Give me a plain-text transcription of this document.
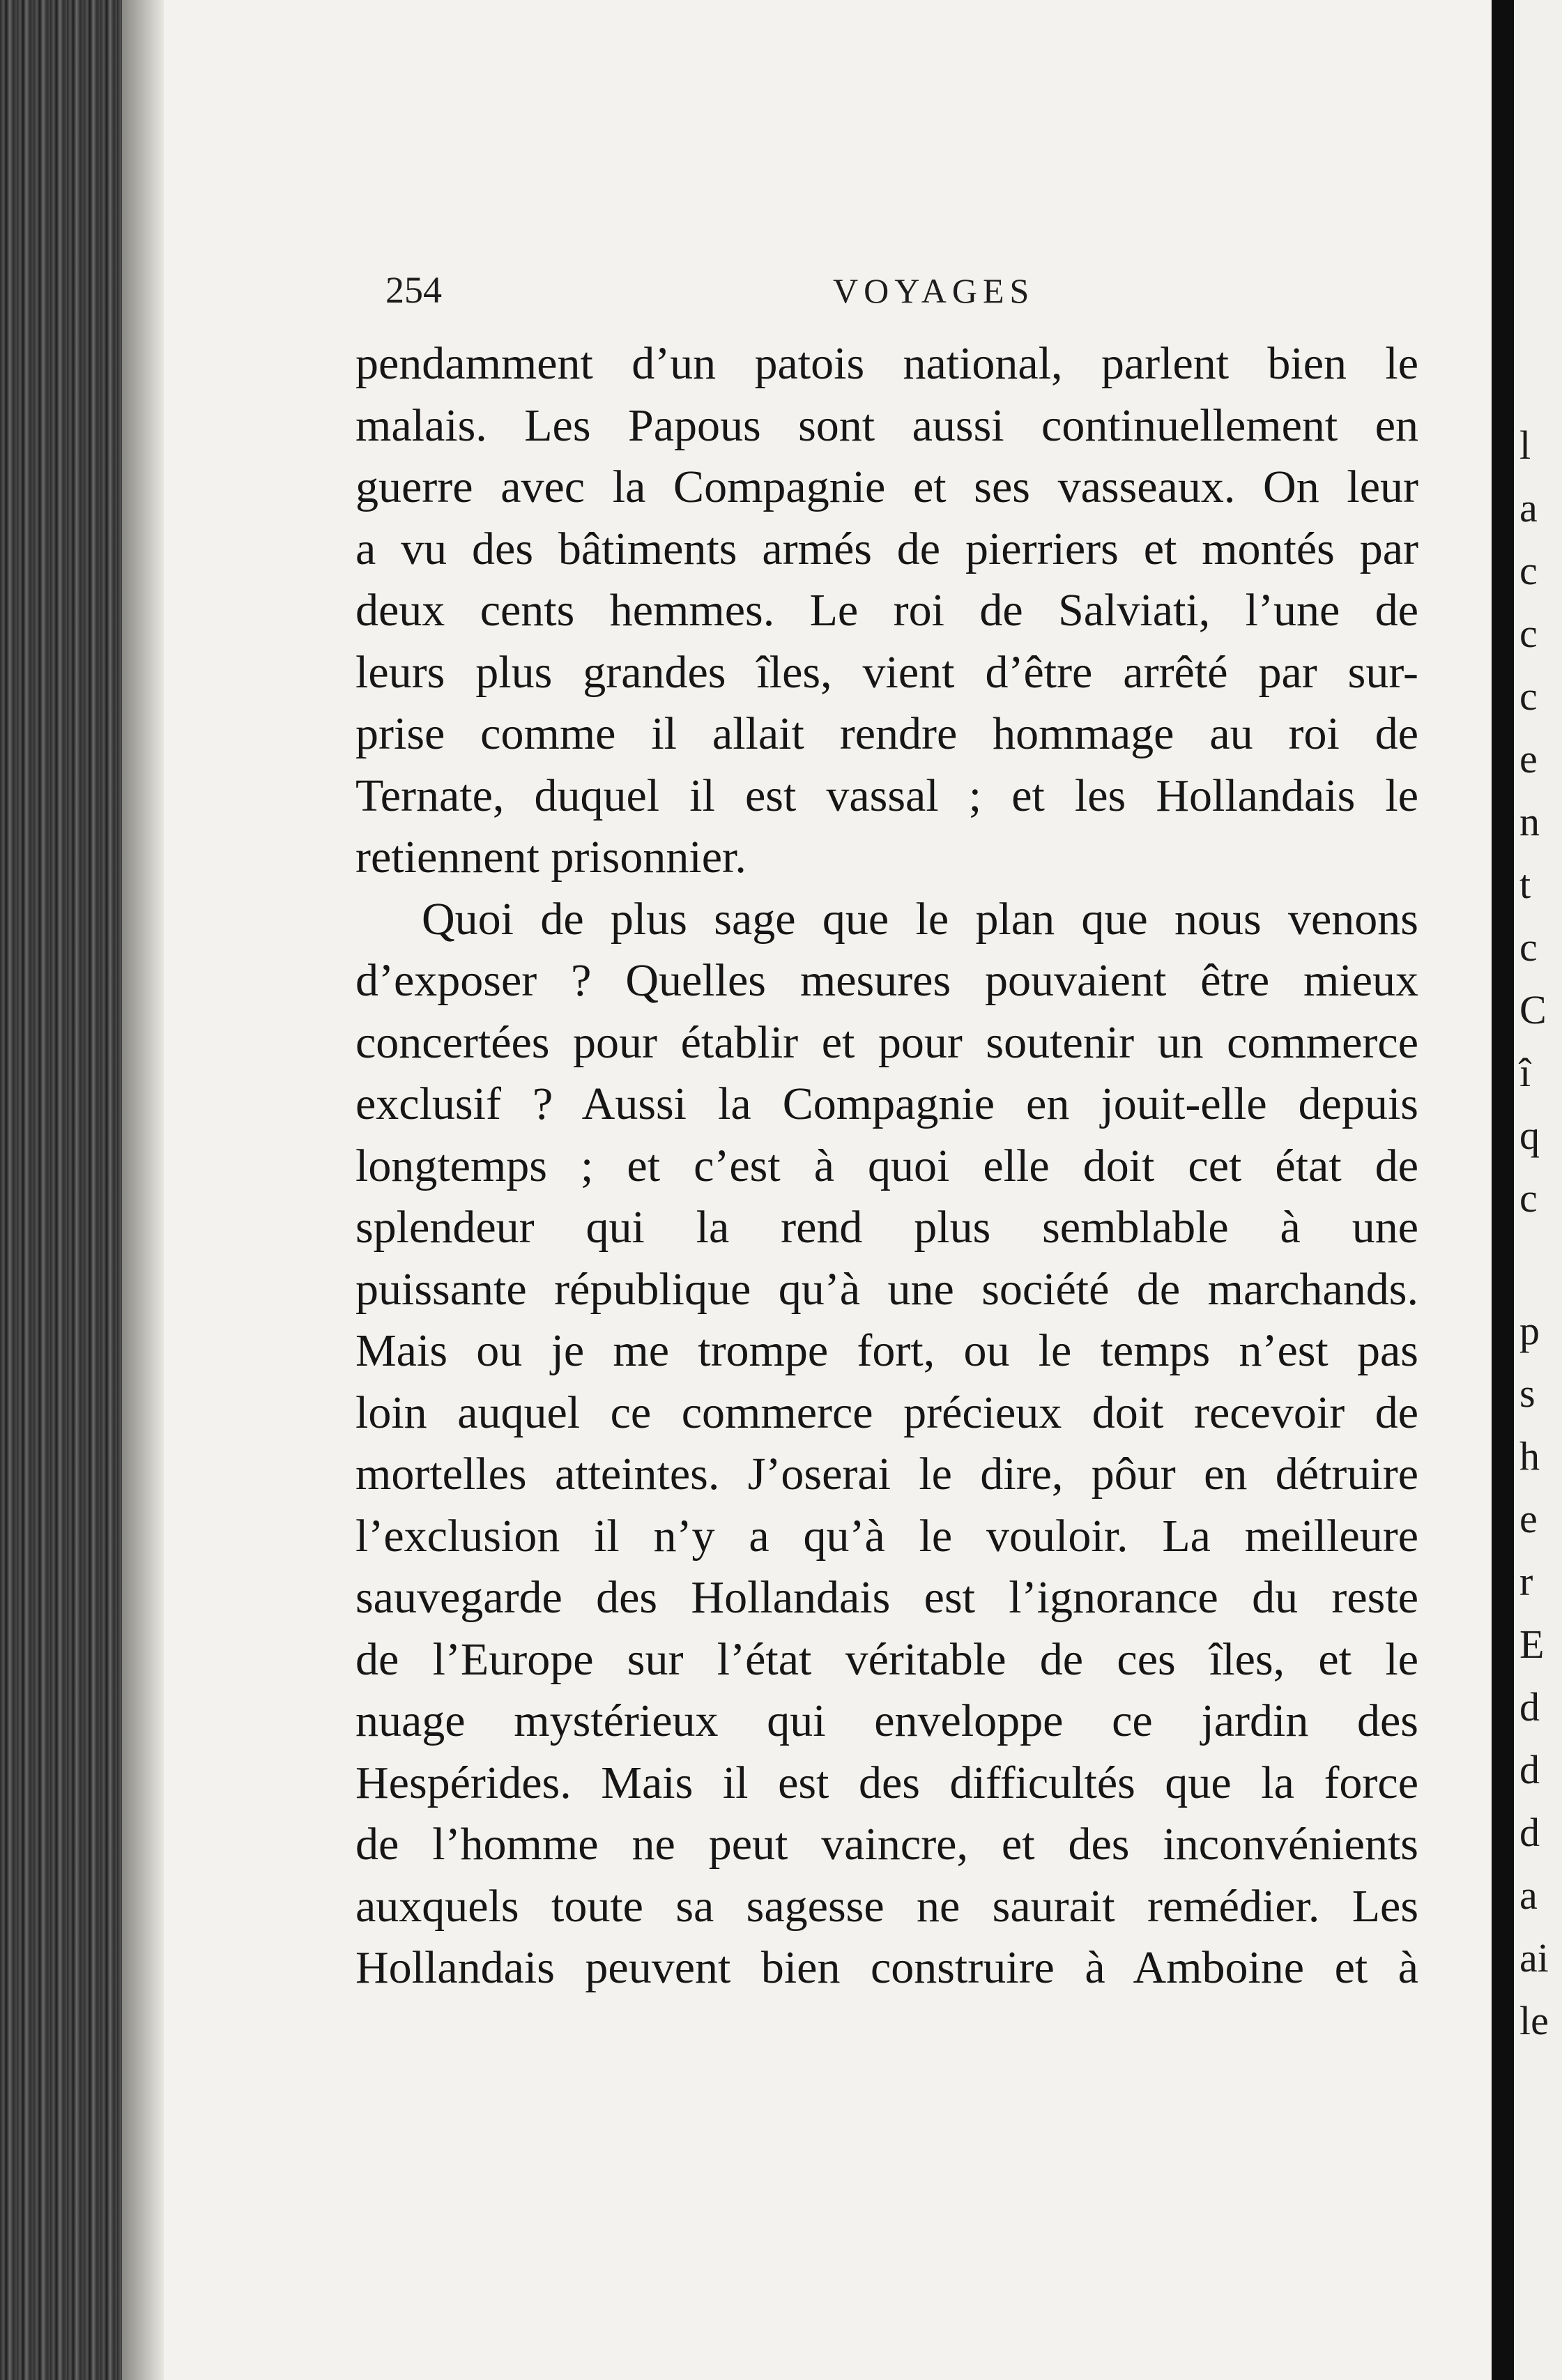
l
a
c
c
c
e
n
t
c
C
î
q
c
p
s
h
e
r
E
d
d
d
a
ai
le
254	VOYAGES
pendamment d’un patois national, parlent bien le
malais. Les Papous sont aussi continuellement en
guerre avec la Compagnie et ses vasseaux. On leur
a vu des bâtiments armés de pierriers et montés par
deux cents hemmes. Le roi de Salviati, l’une de
leurs plus grandes îles, vient d’être arrêté par sur-
prise comme il allait rendre hommage au roi de
Ternate, duquel il est vassal ; et les Hollandais le
retiennent prisonnier.
Quoi de plus sage que le plan que nous venons
d’exposer ? Quelles mesures pouvaient être mieux
concertées pour établir et pour soutenir un commerce
exclusif ? Aussi la Compagnie en jouit-elle depuis
longtemps ; et c’est à quoi elle doit cet état de
splendeur qui la rend plus semblable à une
puissante république qu’à une société de marchands.
Mais ou je me trompe fort, ou le temps n’est pas
loin auquel ce commerce précieux doit recevoir de
mortelles atteintes. J’oserai le dire, pôur en détruire
l’exclusion il n’y a qu’à le vouloir. La meilleure
sauvegarde des Hollandais est l’ignorance du reste
de l’Europe sur l’état véritable de ces îles, et le
nuage mystérieux qui enveloppe ce jardin des
Hespérides. Mais il est des difficultés que la force
de l’homme ne peut vaincre, et des inconvénients
auxquels toute sa sagesse ne saurait remédier. Les
Hollandais peuvent bien construire à Amboine et à
